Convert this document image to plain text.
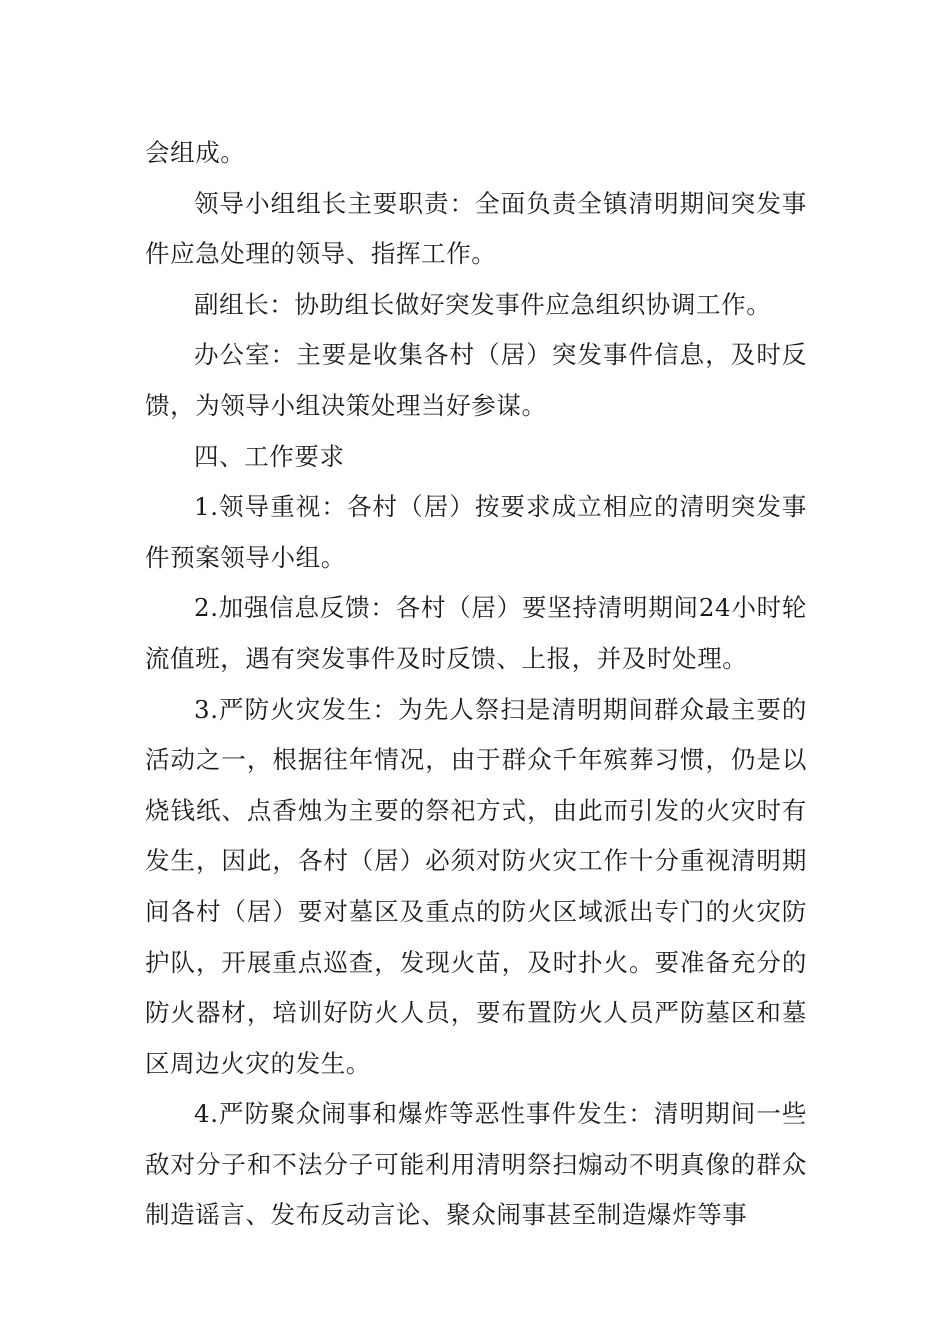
会组成。

领导小组组长主要职责：全面负责全镇清明期间突发事件应急处理的领导、指挥工作。

副组长：协助组长做好突发事件应急组织协调工作。

办公室：主要是收集各村（居）突发事件信息，及时反馈，为领导小组决策处理当好参谋。

四、工作要求

1.领导重视：各村（居）按要求成立相应的清明突发事件预案领导小组。

2.加强信息反馈：各村（居）要坚持清明期间24小时轮流值班，遇有突发事件及时反馈、上报，并及时处理。

3.严防火灾发生：为先人祭扫是清明期间群众最主要的活动之一，根据往年情况，由于群众千年殡葬习惯，仍是以烧钱纸、点香烛为主要的祭祀方式，由此而引发的火灾时有发生，因此，各村（居）必须对防火灾工作十分重视清明期间各村（居）要对墓区及重点的防火区域派出专门的火灾防护队，开展重点巡查，发现火苗，及时扑火。要准备充分的防火器材，培训好防火人员，要布置防火人员严防墓区和墓区周边火灾的发生。

4.严防聚众闹事和爆炸等恶性事件发生：清明期间一些敌对分子和不法分子可能利用清明祭扫煽动不明真像的群众制造谣言、发布反动言论、聚众闹事甚至制造爆炸等事
